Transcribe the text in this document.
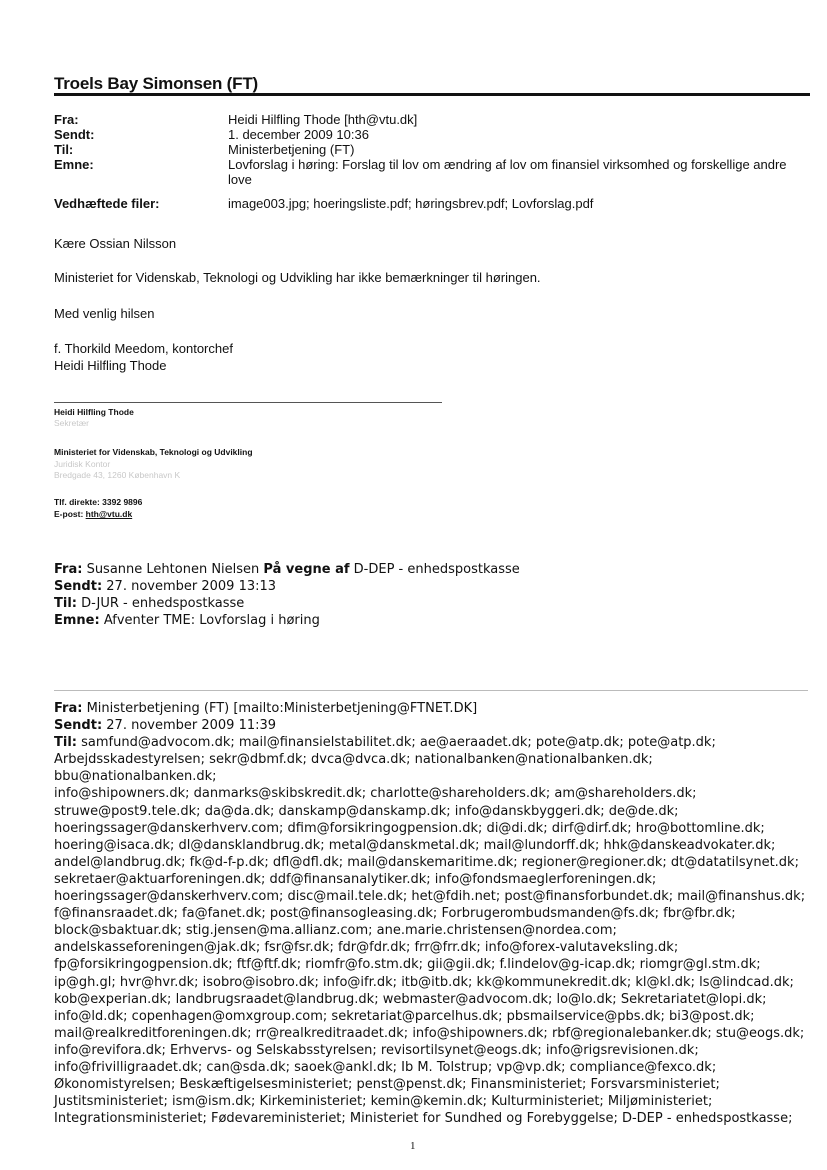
Troels Bay Simonsen (FT)
Fra:	Heidi Hilfling Thode [hth@vtu.dk]
Sendt:	1. december 2009 10:36
Til:	Ministerbetjening (FT)
Emne:	Lovforslag i høring: Forslag til lov om ændring af lov om finansiel virksomhed og forskellige andre love
Vedhæftede filer:	image003.jpg; hoeringsliste.pdf; høringsbrev.pdf; Lovforslag.pdf
Kære Ossian Nilsson
Ministeriet for Videnskab, Teknologi og Udvikling har ikke bemærkninger til høringen.
Med venlig hilsen
f. Thorkild Meedom, kontorchef
Heidi Hilfling Thode
Heidi Hilfling Thode
Sekretær
Ministeriet for Videnskab, Teknologi og Udvikling
Juridisk Kontor
Bredgade 43, 1260 København K
Tlf. direkte: 3392 9896
E-post: hth@vtu.dk
Fra: Susanne Lehtonen Nielsen På vegne af D-DEP - enhedspostkasse
Sendt: 27. november 2009 13:13
Til: D-JUR - enhedspostkasse
Emne: Afventer TME: Lovforslag i høring
Fra: Ministerbetjening (FT) [mailto:Ministerbetjening@FTNET.DK]
Sendt: 27. november 2009 11:39
Til: samfund@advocom.dk; mail@finansielstabilitet.dk; ae@aeraadet.dk; pote@atp.dk; pote@atp.dk;
Arbejdsskadestyrelsen; sekr@dbmf.dk; dvca@dvca.dk; nationalbanken@nationalbanken.dk; bbu@nationalbanken.dk;
info@shipowners.dk; danmarks@skibskredit.dk; charlotte@shareholders.dk; am@shareholders.dk;
struwe@post9.tele.dk; da@da.dk; danskamp@danskamp.dk; info@danskbyggeri.dk; de@de.dk;
hoeringssager@danskerhverv.com; dfim@forsikringogpension.dk; di@di.dk; dirf@dirf.dk; hro@bottomline.dk;
hoering@isaca.dk; dl@dansklandbrug.dk; metal@danskmetal.dk; mail@lundorff.dk; hhk@danskeadvokater.dk;
andel@landbrug.dk; fk@d-f-p.dk; dfl@dfl.dk; mail@danskemaritime.dk; regioner@regioner.dk; dt@datatilsynet.dk;
sekretaer@aktuarforeningen.dk; ddf@finansanalytiker.dk; info@fondsmaeglerforeningen.dk;
hoeringssager@danskerhverv.com; disc@mail.tele.dk; het@fdih.net; post@finansforbundet.dk; mail@finanshus.dk;
f@finansraadet.dk; fa@fanet.dk; post@finansogleasing.dk; Forbrugerombudsmanden@fs.dk; fbr@fbr.dk;
block@sbaktuar.dk; stig.jensen@ma.allianz.com; ane.marie.christensen@nordea.com;
andelskasseforeningen@jak.dk; fsr@fsr.dk; fdr@fdr.dk; frr@frr.dk; info@forex-valutaveksling.dk;
fp@forsikringogpension.dk; ftf@ftf.dk; riomfr@fo.stm.dk; gii@gii.dk; f.lindelov@g-icap.dk; riomgr@gl.stm.dk;
ip@gh.gl; hvr@hvr.dk; isobro@isobro.dk; info@ifr.dk; itb@itb.dk; kk@kommunekredit.dk; kl@kl.dk; ls@lindcad.dk;
kob@experian.dk; landbrugsraadet@landbrug.dk; webmaster@advocom.dk; lo@lo.dk; Sekretariatet@lopi.dk;
info@ld.dk; copenhagen@omxgroup.com; sekretariat@parcelhus.dk; pbsmailservice@pbs.dk; bi3@post.dk;
mail@realkreditforeningen.dk; rr@realkreditraadet.dk; info@shipowners.dk; rbf@regionalebanker.dk; stu@eogs.dk;
info@revifora.dk; Erhvervs- og Selskabsstyrelsen; revisortilsynet@eogs.dk; info@rigsrevisionen.dk;
info@frivilligraadet.dk; can@sda.dk; saoek@ankl.dk; Ib M. Tolstrup; vp@vp.dk; compliance@fexco.dk;
Økonomistyrelsen; Beskæftigelsesministeriet; penst@penst.dk; Finansministeriet; Forsvarsministeriet;
Justitsministeriet; ism@ism.dk; Kirkeministeriet; kemin@kemin.dk; Kulturministeriet; Miljøministeriet;
Integrationsministeriet; Fødevareministeriet; Ministeriet for Sundhed og Forebyggelse; D-DEP - enhedspostkasse;
1
